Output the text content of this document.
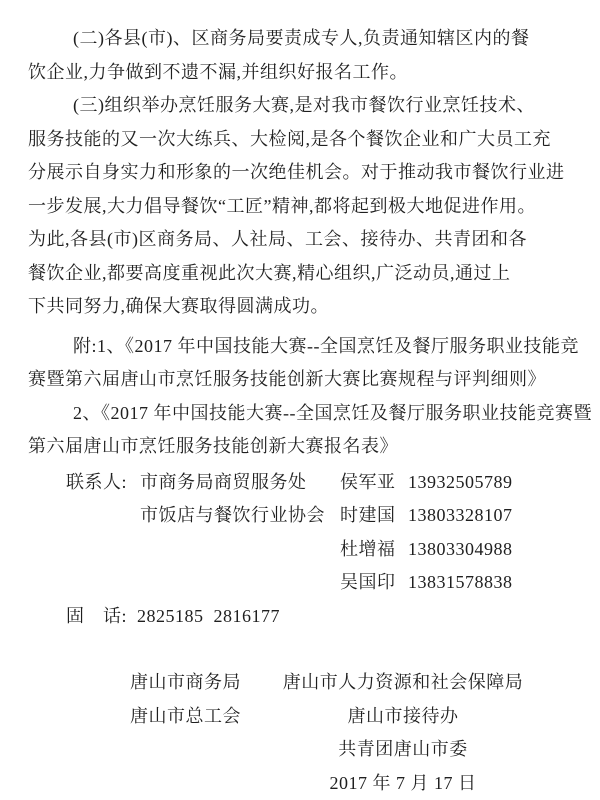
(二)各县(市)、区商务局要责成专人,负责通知辖区内的餐
饮企业,力争做到不遗不漏,并组织好报名工作。
(三)组织举办烹饪服务大赛,是对我市餐饮行业烹饪技术、
服务技能的又一次大练兵、大检阅,是各个餐饮企业和广大员工充
分展示自身实力和形象的一次绝佳机会。对于推动我市餐饮行业进
一步发展,大力倡导餐饮“工匠”精神,都将起到极大地促进作用。
为此,各县(市)区商务局、人社局、工会、接待办、共青团和各
餐饮企业,都要高度重视此次大赛,精心组织,广泛动员,通过上
下共同努力,确保大赛取得圆满成功。
附:1、《2017 年中国技能大赛--全国烹饪及餐厅服务职业技能竞
赛暨第六届唐山市烹饪服务技能创新大赛比赛规程与评判细则》
2、《2017 年中国技能大赛--全国烹饪及餐厅服务职业技能竞赛暨
第六届唐山市烹饪服务技能创新大赛报名表》
联系人: 市商务局商贸服务处	侯军亚 13932505789
市饭店与餐饮行业协会 时建国 13803328107
杜增福 13803304988
吴国印 13831578838
固　话: 2825185 2816177
唐山市商务局	唐山市人力资源和社会保障局
唐山市总工会	唐山市接待办
共青团唐山市委
2017 年 7 月 17 日
